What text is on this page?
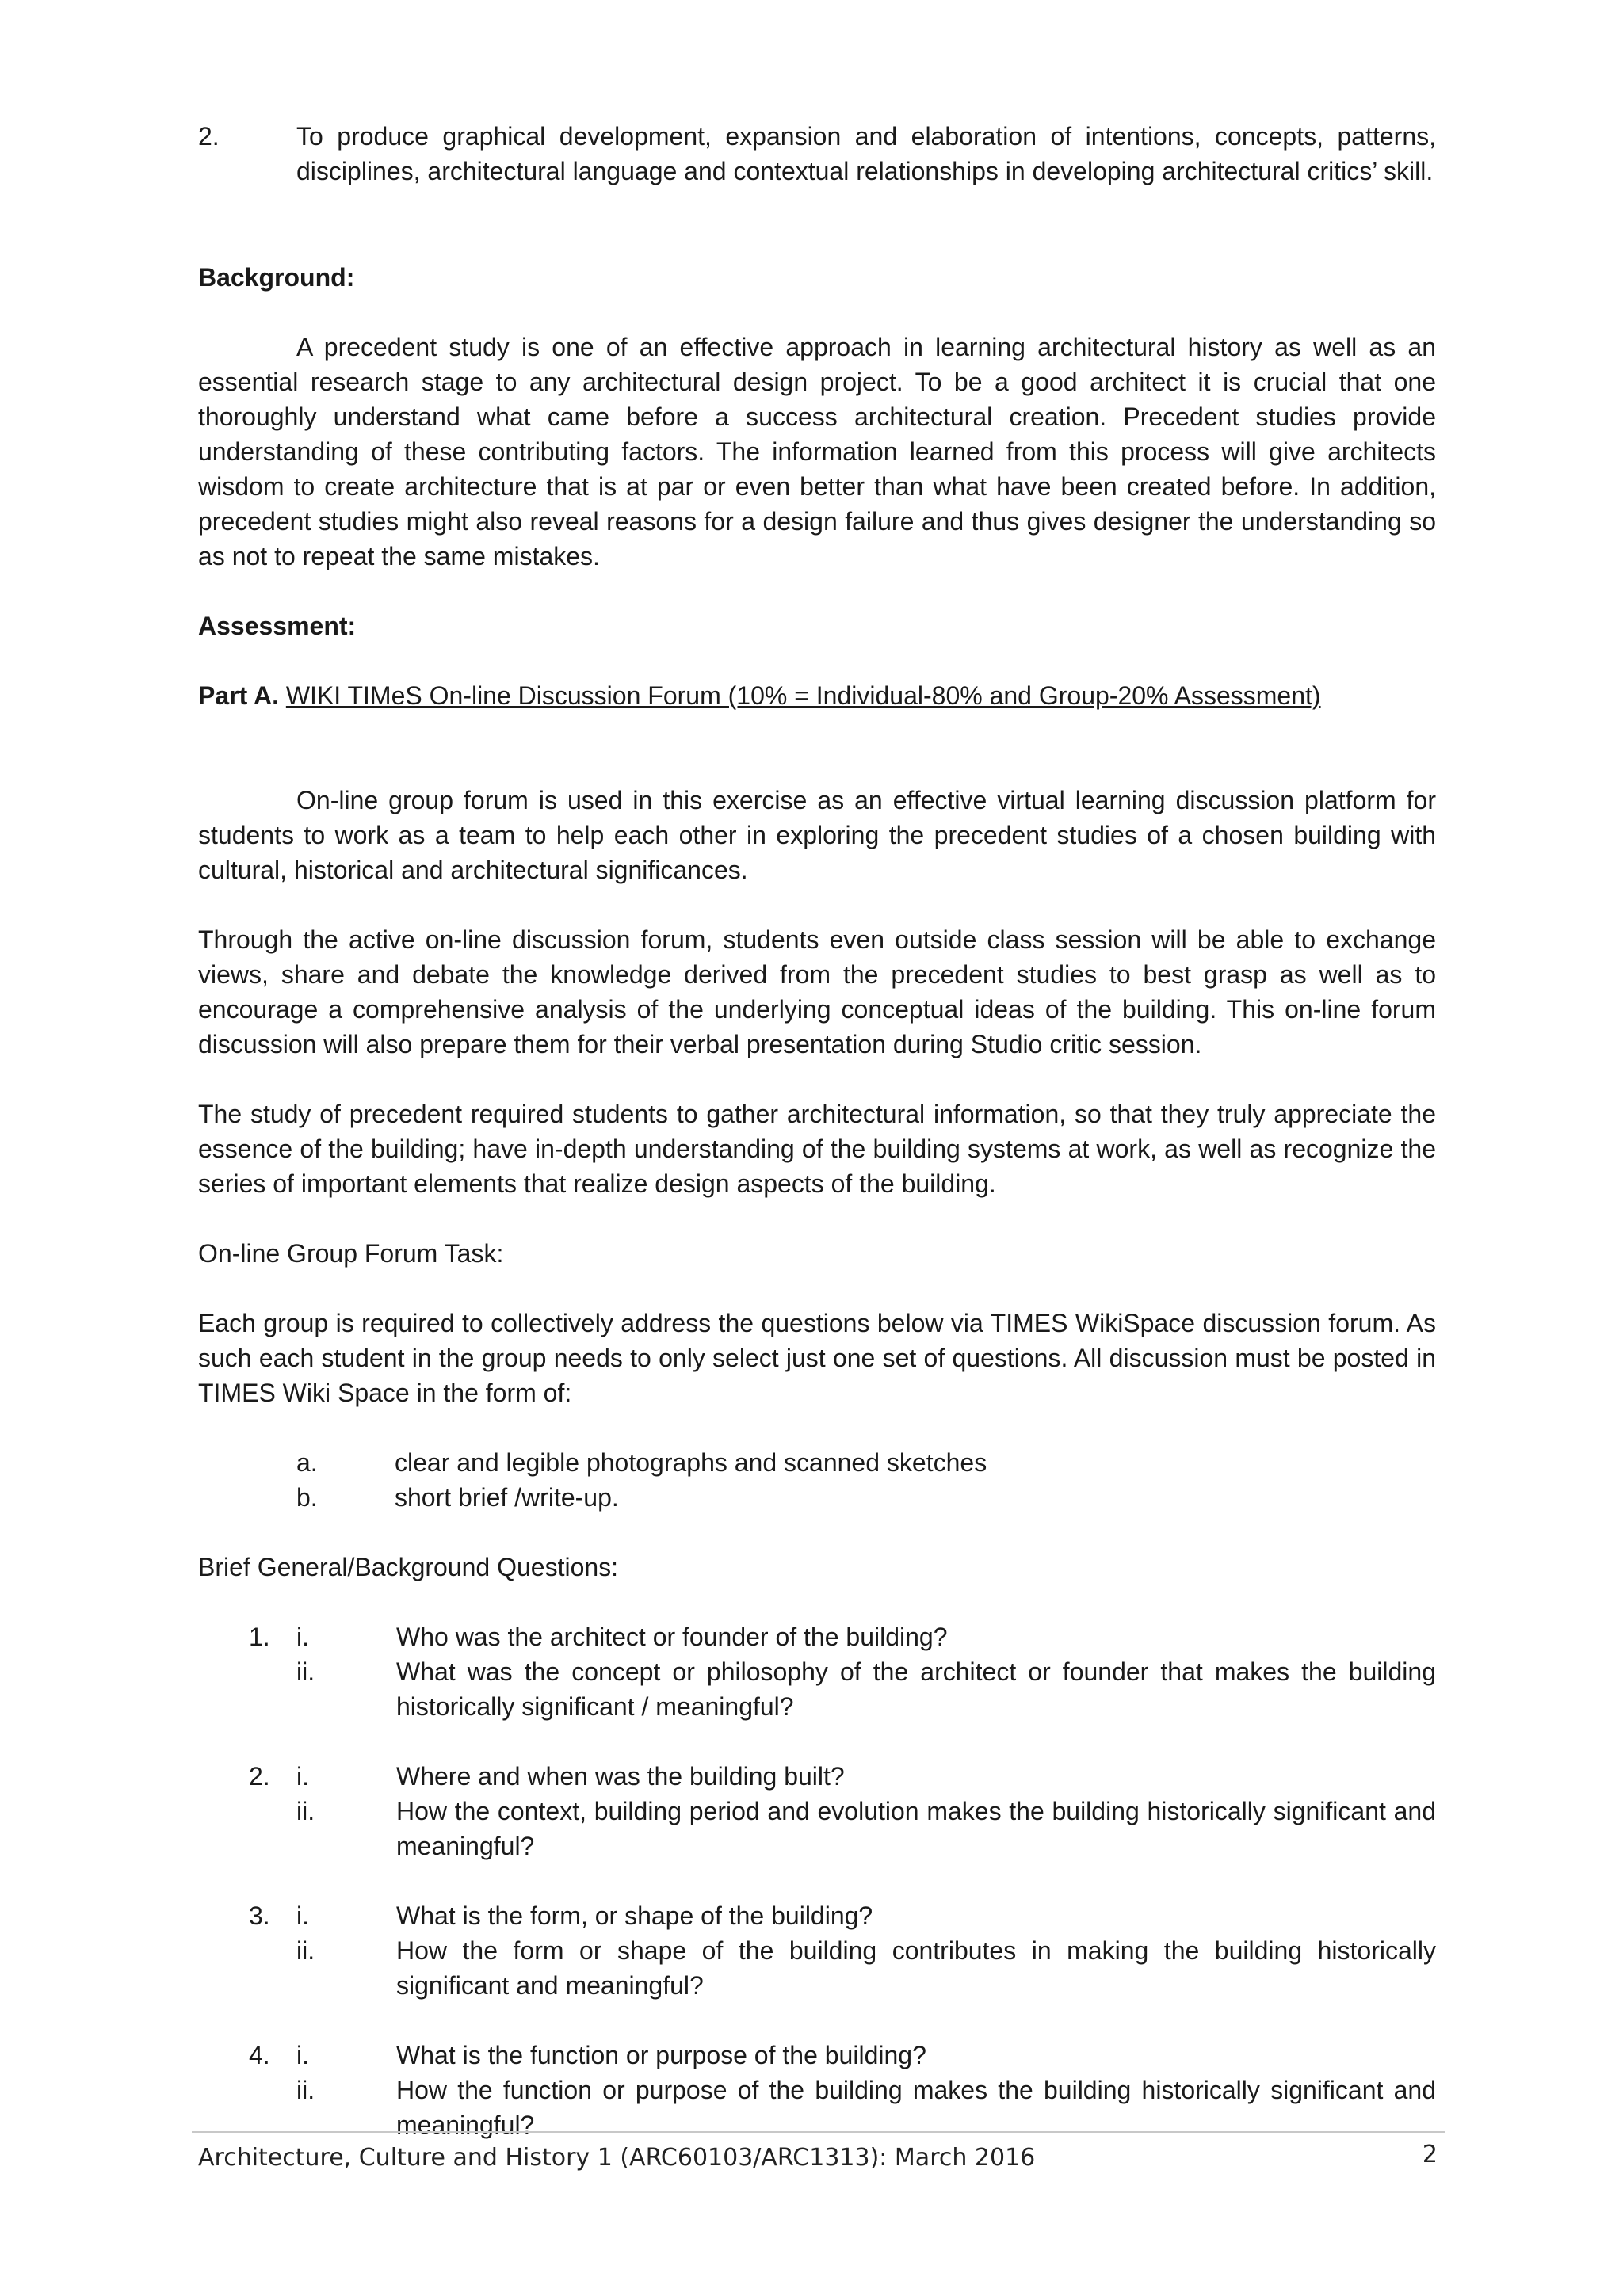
2.	To produce graphical development, expansion and elaboration of intentions, concepts, patterns, disciplines, architectural language and contextual relationships in developing architectural critics’ skill.

Background:

A precedent study is one of an effective approach in learning architectural history as well as an essential research stage to any architectural design project. To be a good architect it is crucial that one thoroughly understand what came before a success architectural creation. Precedent studies provide understanding of these contributing factors. The information learned from this process will give architects wisdom to create architecture that is at par or even better than what have been created before. In addition, precedent studies might also reveal reasons for a design failure and thus gives designer the understanding so as not to repeat the same mistakes.

Assessment:

Part A. WIKI TIMeS On-line Discussion Forum (10% = Individual-80% and Group-20% Assessment)

On-line group forum is used in this exercise as an effective virtual learning discussion platform for students to work as a team to help each other in exploring the precedent studies of a chosen building with cultural, historical and architectural significances.

Through the active on-line discussion forum, students even outside class session will be able to exchange views, share and debate the knowledge derived from the precedent studies to best grasp as well as to encourage a comprehensive analysis of the underlying conceptual ideas of the building. This on-line forum discussion will also prepare them for their verbal presentation during Studio critic session.

The study of precedent required students to gather architectural information, so that they truly appreciate the essence of the building; have in-depth understanding of the building systems at work, as well as recognize the series of important elements that realize design aspects of the building.

On-line Group Forum Task:

Each group is required to collectively address the questions below via TIMES WikiSpace discussion forum. As such each student in the group needs to only select just one set of questions. All discussion must be posted in TIMES Wiki Space in the form of:

a.	clear and legible photographs and scanned sketches
b.	short brief /write-up.

Brief General/Background Questions:

1. i.	Who was the architect or founder of the building?

ii.	What was the concept or philosophy of the architect or founder that makes the building historically significant / meaningful?

2. i.	Where and when was the building built?

ii.	How the context, building period and evolution makes the building historically significant and meaningful?

3. i.	What is the form, or shape of the building?

ii.	How the form or shape of the building contributes in making the building historically significant and meaningful?

4. i.	What is the function or purpose of the building?

ii.	How the function or purpose of the building makes the building historically significant and meaningful?

Architecture, Culture and History 1 (ARC60103/ARC1313): March 2016	2
